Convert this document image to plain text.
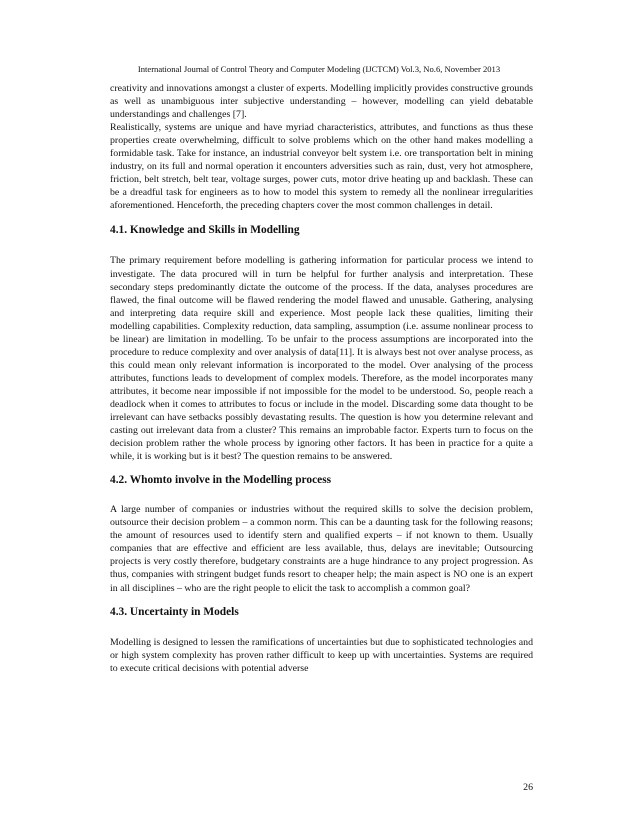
International Journal of Control Theory and Computer Modeling (IJCTCM) Vol.3, No.6, November 2013

creativity and innovations amongst a cluster of experts. Modelling implicitly provides constructive grounds as well as unambiguous inter subjective understanding – however, modelling can yield debatable understandings and challenges [7].

Realistically, systems are unique and have myriad characteristics, attributes, and functions as thus these properties create overwhelming, difficult to solve problems which on the other hand makes modelling a formidable task. Take for instance, an industrial conveyor belt system i.e. ore transportation belt in mining industry, on its full and normal operation it encounters adversities such as rain, dust, very hot atmosphere, friction, belt stretch, belt tear, voltage surges, power cuts, motor drive heating up and backlash. These can be a dreadful task for engineers as to how to model this system to remedy all the nonlinear irregularities aforementioned. Henceforth, the preceding chapters cover the most common challenges in detail.

4.1. Knowledge and Skills in Modelling

The primary requirement before modelling is gathering information for particular process we intend to investigate. The data procured will in turn be helpful for further analysis and interpretation. These secondary steps predominantly dictate the outcome of the process. If the data, analyses procedures are flawed, the final outcome will be flawed rendering the model flawed and unusable. Gathering, analysing and interpreting data require skill and experience. Most people lack these qualities, limiting their modelling capabilities. Complexity reduction, data sampling, assumption (i.e. assume nonlinear process to be linear) are limitation in modelling. To be unfair to the process assumptions are incorporated into the procedure to reduce complexity and over analysis of data[11]. It is always best not over analyse process, as this could mean only relevant information is incorporated to the model. Over analysing of the process attributes, functions leads to development of complex models. Therefore, as the model incorporates many attributes, it become near impossible if not impossible for the model to be understood. So, people reach a deadlock when it comes to attributes to focus or include in the model. Discarding some data thought to be irrelevant can have setbacks possibly devastating results. The question is how you determine relevant and casting out irrelevant data from a cluster? This remains an improbable factor. Experts turn to focus on the decision problem rather the whole process by ignoring other factors. It has been in practice for a quite a while, it is working but is it best? The question remains to be answered.

4.2. Whomto involve in the Modelling process

A large number of companies or industries without the required skills to solve the decision problem, outsource their decision problem – a common norm. This can be a daunting task for the following reasons; the amount of resources used to identify stern and qualified experts – if not known to them. Usually companies that are effective and efficient are less available, thus, delays are inevitable; Outsourcing projects is very costly therefore, budgetary constraints are a huge hindrance to any project progression. As thus, companies with stringent budget funds resort to cheaper help; the main aspect is NO one is an expert in all disciplines – who are the right people to elicit the task to accomplish a common goal?

4.3. Uncertainty in Models

Modelling is designed to lessen the ramifications of uncertainties but due to sophisticated technologies and or high system complexity has proven rather difficult to keep up with uncertainties. Systems are required to execute critical decisions with potential adverse

26
